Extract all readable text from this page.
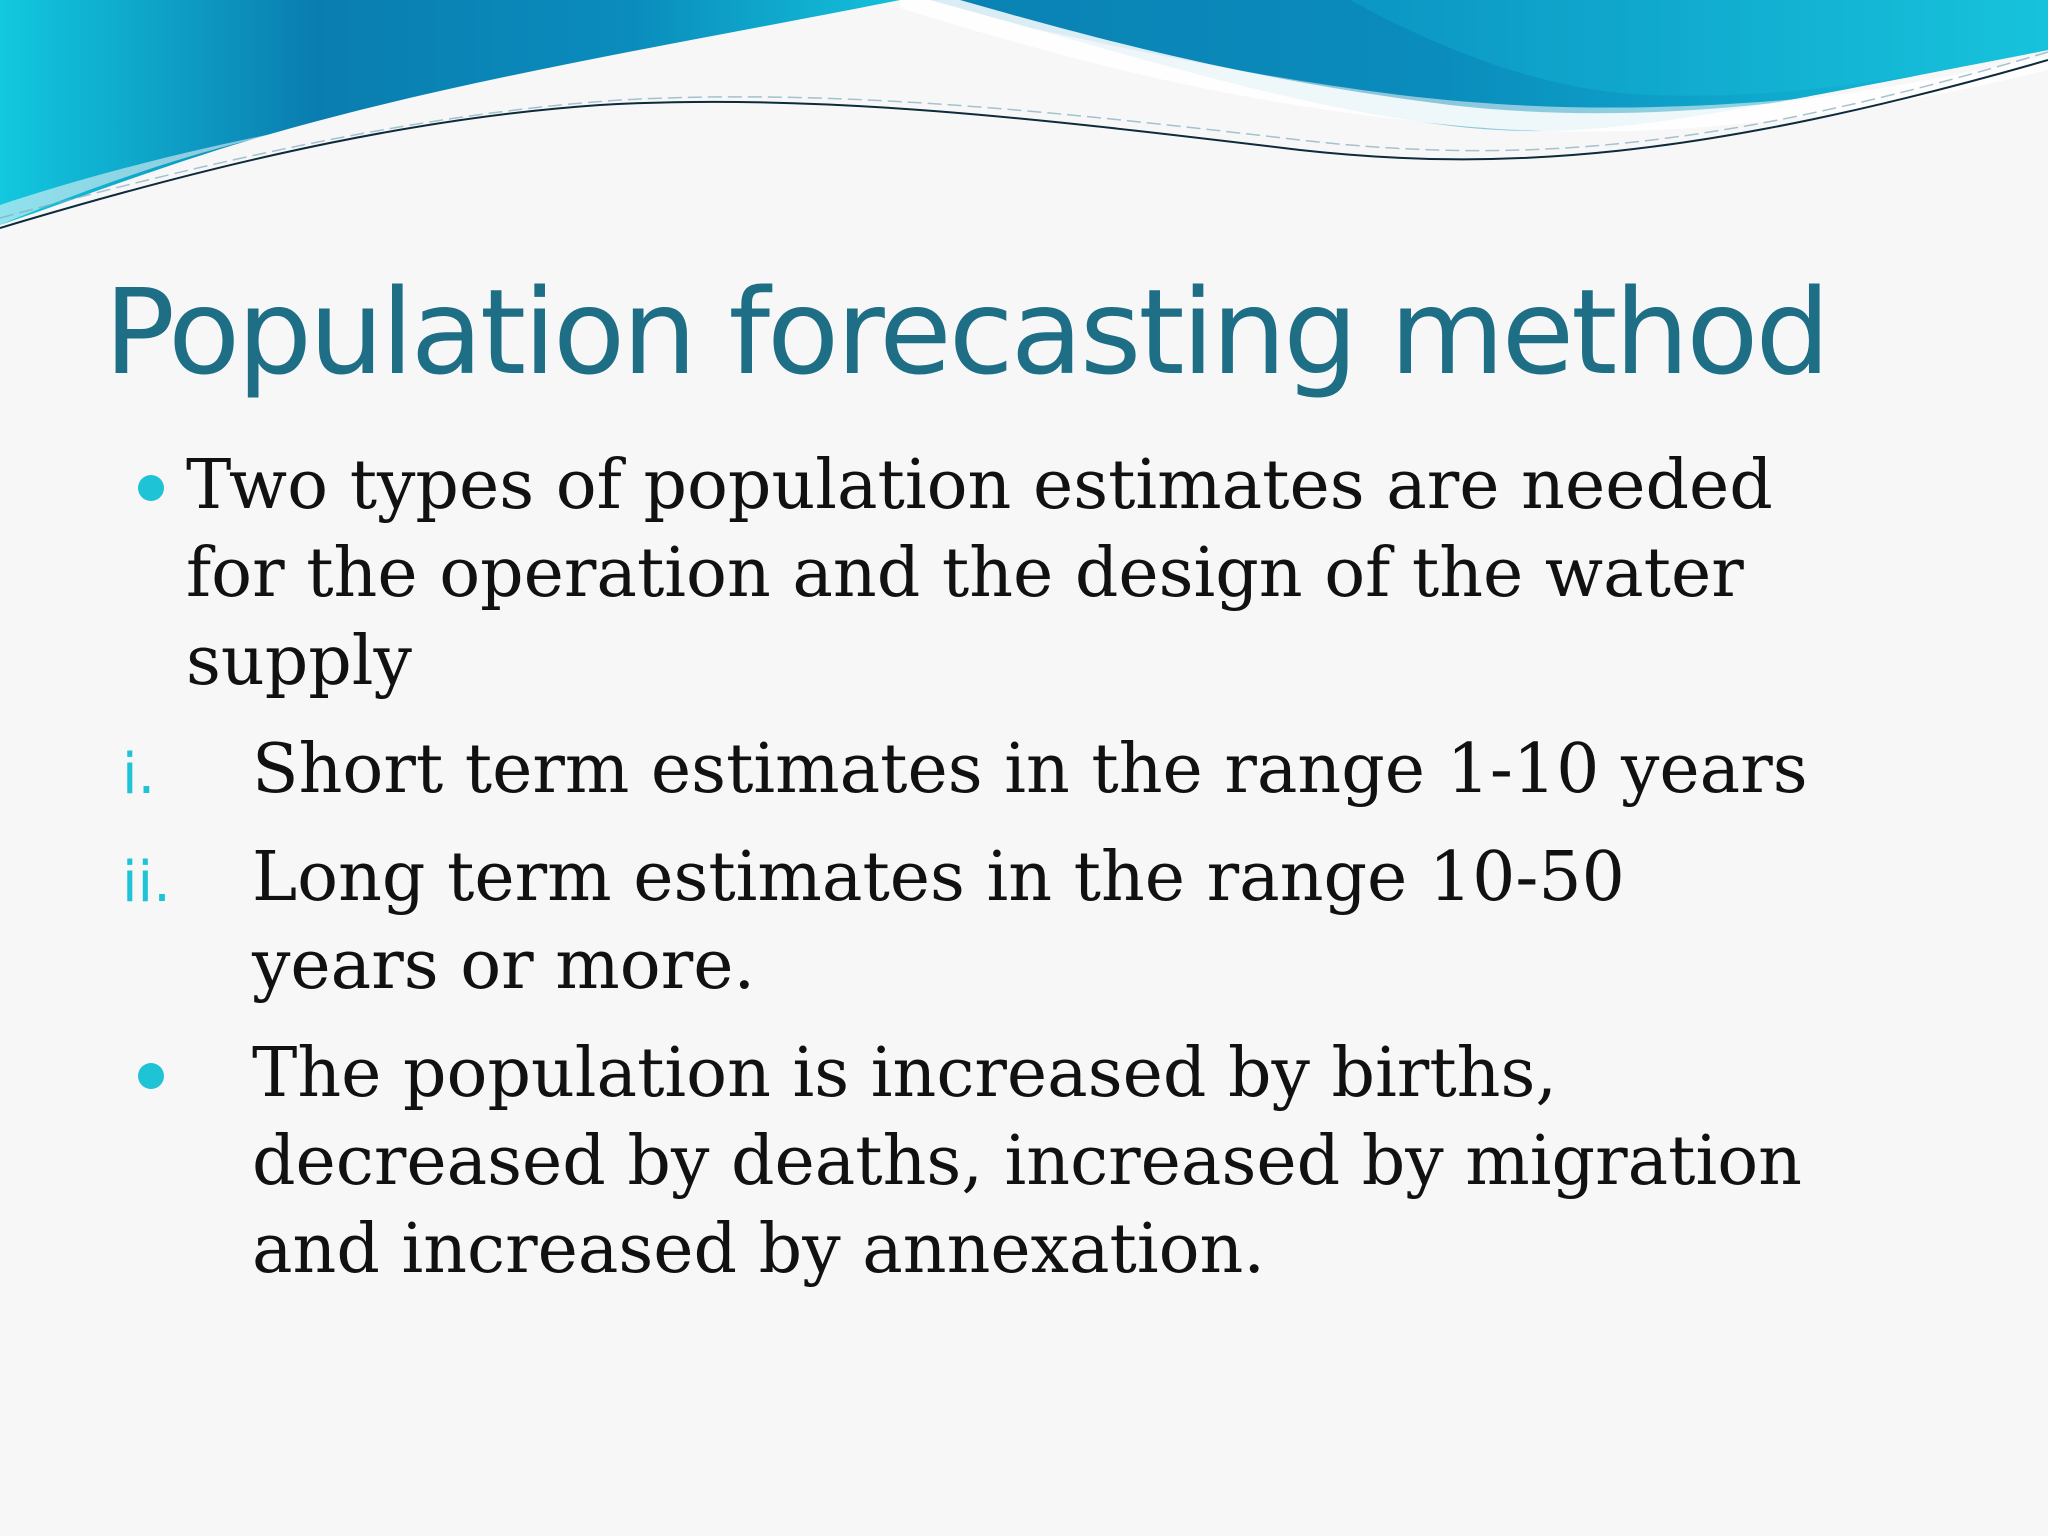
Population forecasting method

Two types of population estimates are needed

for the operation and the design of the water

supply

i. Short term estimates in the range 1-10 years

ii. Long term estimates in the range 10-50

years or more.

The population is increased by births,

decreased by deaths, increased by migration

and increased by annexation.
